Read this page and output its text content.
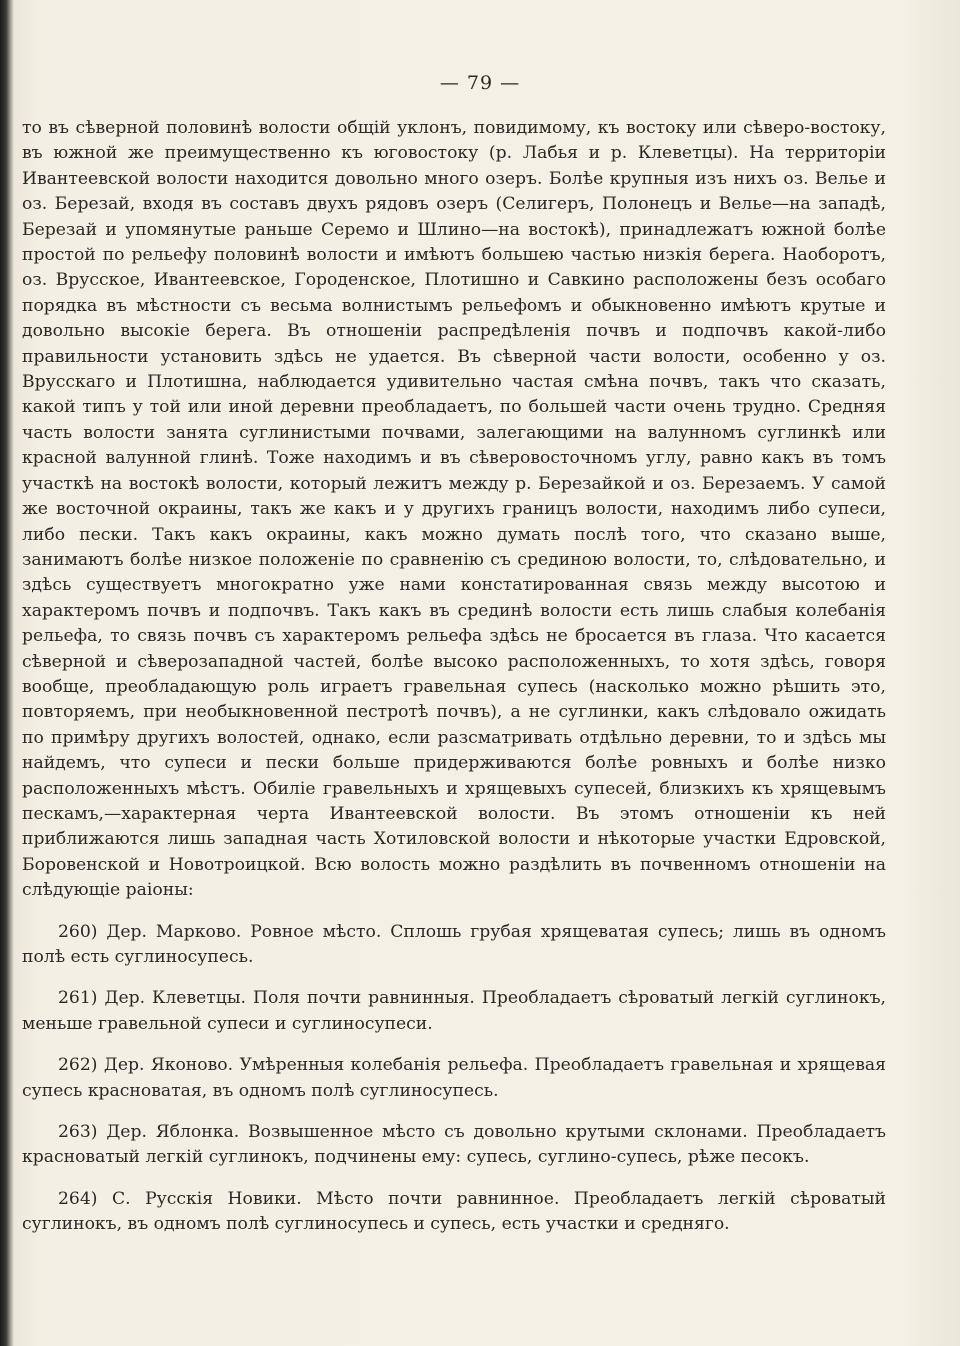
— 79 —

то въ сѣверной половинѣ волости общій уклонъ, повидимому, къ востоку или сѣверо-востоку, въ южной же преимущественно къ юговостоку (р. Лабья и р. Клеветцы). На территоріи Ивантеевской волости находится довольно много озеръ. Болѣе крупныя изъ нихъ оз. Велье и оз. Березай, входя въ составъ двухъ рядовъ озеръ (Селигеръ, Полонецъ и Велье—на западѣ, Березай и упомянутые раньше Серемо и Шлино—на востокѣ), принадлежатъ южной болѣе простой по рельефу половинѣ волости и имѣютъ большею частью низкія берега. Наоборотъ, оз. Врусское, Ивантеевское, Городенское, Плотишно и Савкино расположены безъ особаго порядка въ мѣстности съ весьма волнистымъ рельефомъ и обыкновенно имѣютъ крутые и довольно высокіе берега. Въ отношеніи распредѣленія почвъ и подпочвъ какой-либо правильности установить здѣсь не удается. Въ сѣверной части волости, особенно у оз. Врусскаго и Плотишна, наблюдается удивительно частая смѣна почвъ, такъ что сказать, какой типъ у той или иной деревни преобладаетъ, по большей части очень трудно. Средняя часть волости занята суглинистыми почвами, залегающими на валунномъ суглинкѣ или красной валунной глинѣ. Тоже находимъ и въ сѣверовосточномъ углу, равно какъ въ томъ участкѣ на востокѣ волости, который лежитъ между р. Березайкой и оз. Березаемъ. У самой же восточной окраины, такъ же какъ и у другихъ границъ волости, находимъ либо супеси, либо пески. Такъ какъ окраины, какъ можно думать послѣ того, что сказано выше, занимаютъ болѣе низкое положеніе по сравненію съ срединою волости, то, слѣдовательно, и здѣсь существуетъ многократно уже нами констатированная связь между высотою и характеромъ почвъ и подпочвъ. Такъ какъ въ срединѣ волости есть лишь слабыя колебанія рельефа, то связь почвъ съ характеромъ рельефа здѣсь не бросается въ глаза. Что касается сѣверной и сѣверозападной частей, болѣе высоко расположенныхъ, то хотя здѣсь, говоря вообще, преобладающую роль играетъ гравельная супесь (насколько можно рѣшить это, повторяемъ, при необыкновенной пестротѣ почвъ), а не суглинки, какъ слѣдовало ожидать по примѣру другихъ волостей, однако, если разсматривать отдѣльно деревни, то и здѣсь мы найдемъ, что супеси и пески больше придерживаются болѣе ровныхъ и болѣе низко расположенныхъ мѣстъ. Обиліе гравельныхъ и хрящевыхъ супесей, близкихъ къ хрящевымъ пескамъ,—характерная черта Ивантеевской волости. Въ этомъ отношеніи къ ней приближаются лишь западная часть Хотиловской волости и нѣкоторые участки Едровской, Боровенской и Новотроицкой. Всю волость можно раздѣлить въ почвенномъ отношеніи на слѣдующіе раіоны:

260) Дер. Марково. Ровное мѣсто. Сплошь грубая хрящеватая супесь; лишь въ одномъ полѣ есть суглиносупесь.

261) Дер. Клеветцы. Поля почти равнинныя. Преобладаетъ сѣроватый легкій суглинокъ, меньше гравельной супеси и суглиносупеси.

262) Дер. Яконово. Умѣренныя колебанія рельефа. Преобладаетъ гравельная и хрящевая супесь красноватая, въ одномъ полѣ суглиносупесь.

263) Дер. Яблонка. Возвышенное мѣсто съ довольно крутыми склонами. Преобладаетъ красноватый легкій суглинокъ, подчинены ему: супесь, суглино-супесь, рѣже песокъ.

264) С. Русскія Новики. Мѣсто почти равнинное. Преобладаетъ легкій сѣроватый суглинокъ, въ одномъ полѣ суглиносупесь и супесь, есть участки и средняго.
